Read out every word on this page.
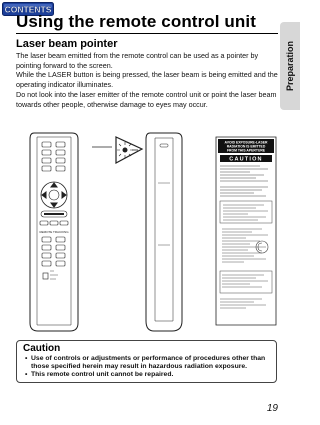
CONTENTS
Preparation
Using the remote control unit
Laser beam pointer

The laser beam emitted from the remote control can be used as a pointer by pointing forward to the screen.

While the LASER button is being pressed, the laser beam is being emitted and the operating indicator illuminates.

Do not look into the laser emitter of the remote control unit or point the laser beam towards other people, otherwise damage to eyes may occur.

REMOTE TRACKING
AVOID EXPOSURE-LASER
RADIATION IS EMITTED
FROM THIS APERTURE
CAUTION
Caution
• Use of controls or adjustments or performance of procedures other than those specified herein may result in hazardous radiation exposure.
• This remote control unit cannot be repaired.
19
